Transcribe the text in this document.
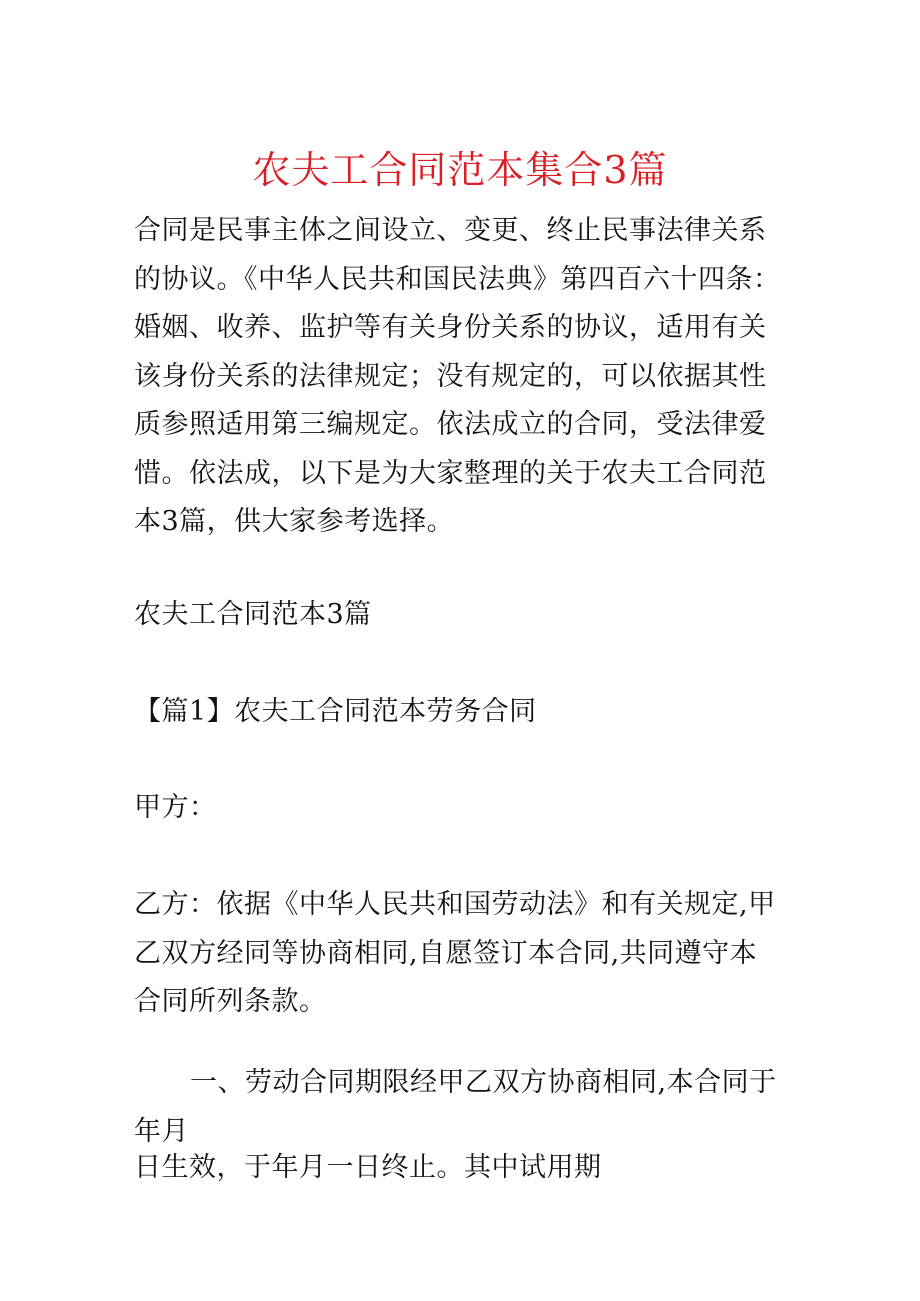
农夫工合同范本集合3篇

合同是民事主体之间设立、变更、终止民事法律关系的协议。《中华人民共和国民法典》第四百六十四条：婚姻、收养、监护等有关身份关系的协议，适用有关该身份关系的法律规定；没有规定的，可以依据其性质参照适用第三编规定。依法成立的合同，受法律爱惜。依法成，以下是为大家整理的关于农夫工合同范本3篇，供大家参考选择。

农夫工合同范本3篇

【篇1】农夫工合同范本劳务合同

甲方：

乙方：依据《中华人民共和国劳动法》和有关规定,甲乙双方经同等协商相同,自愿签订本合同,共同遵守本合同所列条款。

一、劳动合同期限经甲乙双方协商相同,本合同于年月

日生效，于年月一日终止。其中试用期
